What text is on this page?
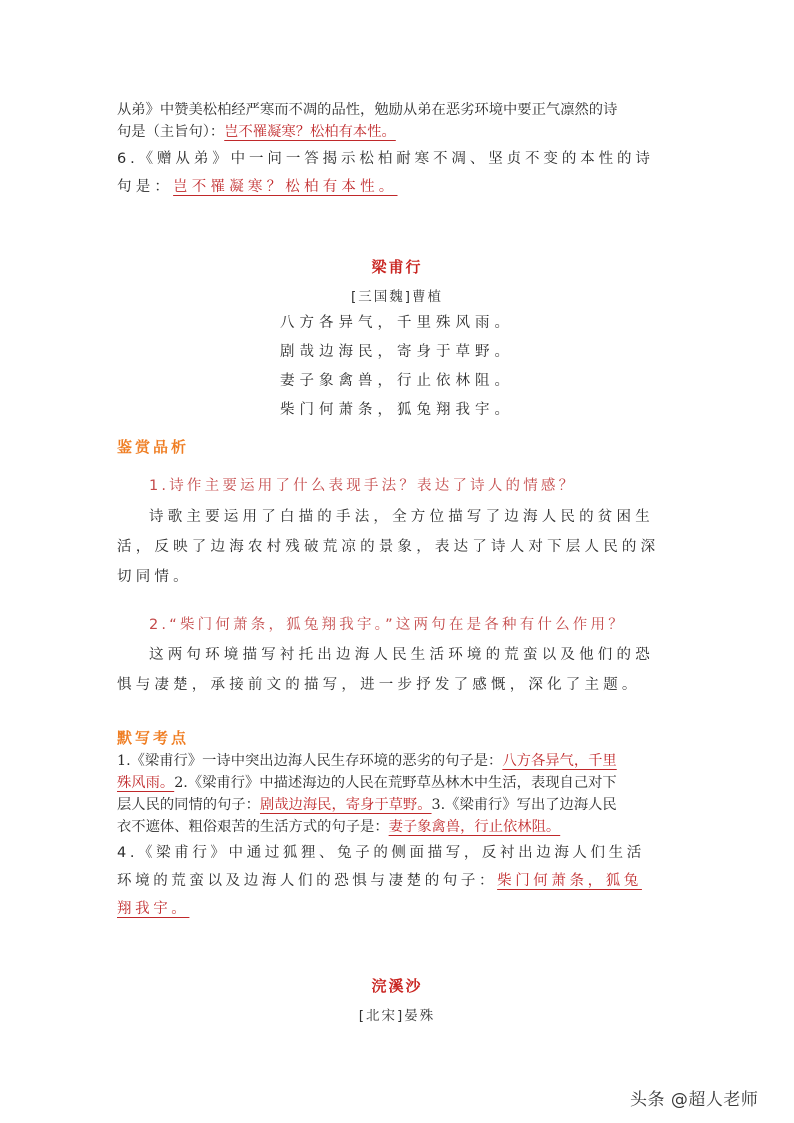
从弟》中赞美松柏经严寒而不凋的品性，勉励从弟在恶劣环境中要正气凛然的诗
句是（主旨句）：岂不罹凝寒？松柏有本性。
6.《赠从弟》中一问一答揭示松柏耐寒不凋、坚贞不变的本性的诗
句是：岂不罹凝寒？松柏有本性。
梁甫行
[三国魏]曹植
八方各异气，千里殊风雨。
剧哉边海民，寄身于草野。
妻子象禽兽，行止依林阻。
柴门何萧条，狐兔翔我宇。
鉴赏品析
1.诗作主要运用了什么表现手法？表达了诗人的情感？
诗歌主要运用了白描的手法，全方位描写了边海人民的贫困生
活，反映了边海农村残破荒凉的景象，表达了诗人对下层人民的深
切同情。
2.“柴门何萧条，狐兔翔我宇。”这两句在是各种有什么作用？
这两句环境描写衬托出边海人民生活环境的荒蛮以及他们的恐
惧与凄楚，承接前文的描写，进一步抒发了感慨，深化了主题。
默写考点
1.《梁甫行》一诗中突出边海人民生存环境的恶劣的句子是：八方各异气，千里
殊风雨。2.《梁甫行》中描述海边的人民在荒野草丛林木中生活，表现自己对下
层人民的同情的句子：剧哉边海民，寄身于草野。3.《梁甫行》写出了边海人民
衣不遮体、粗俗艰苦的生活方式的句子是：妻子象禽兽，行止依林阻。
4.《梁甫行》中通过狐狸、兔子的侧面描写，反衬出边海人们生活
环境的荒蛮以及边海人们的恐惧与凄楚的句子：柴门何萧条，狐兔
翔我宇。
浣溪沙
[北宋]晏殊
头条 @超人老师
